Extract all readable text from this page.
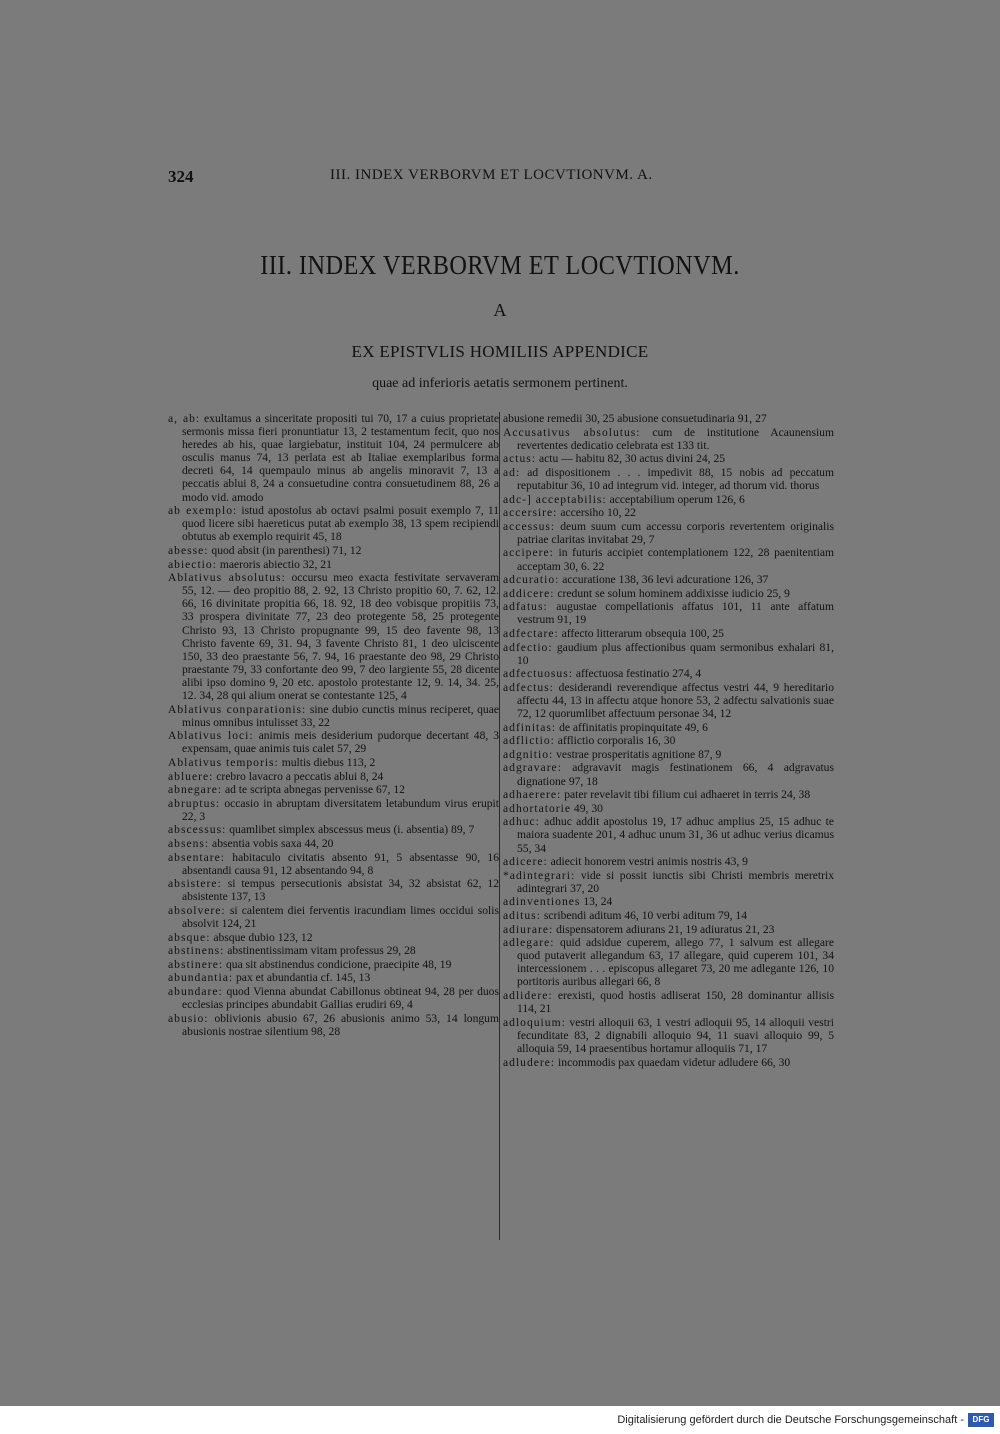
324	III. INDEX VERBORVM ET LOCVTIONVM. A.
III. INDEX VERBORVM ET LOCVTIONVM.
A
EX EPISTVLIS HOMILIIS APPENDICE
quae ad inferioris aetatis sermonem pertinent.

a, ab: exultamus a sinceritate propositi tui 70, 17 a cuius proprietate sermonis missa fieri pronuntiatur 13, 2 testamentum fecit, quo nos heredes ab his, quae largiebatur, instituit 104, 24 permulcere ab osculis manus 74, 13 perlata est ab Italiae exemplaribus forma decreti 64, 14 quempaulo minus ab angelis minoravit 7, 13 a peccatis ablui 8, 24 a consuetudine contra consuetudinem 88, 26 a modo vid. amodo

ab exemplo: istud apostolus ab octavi psalmi posuit exemplo 7, 11 quod licere sibi haereticus putat ab exemplo 38, 13 spem recipiendi obtutus ab exemplo requirit 45, 18

abesse: quod absit (in parenthesi) 71, 12

abiectio: maeroris abiectio 32, 21

Ablativus absolutus: occursu meo exacta festivitate servaveram 55, 12. — deo propitio 88, 2. 92, 13 Christo propitio 60, 7. 62, 12. 66, 16 divinitate propitia 66, 18. 92, 18 deo vobisque propitiis 73, 33 prospera divinitate 77, 23 deo protegente 58, 25 protegente Christo 93, 13 Christo propugnante 99, 15 deo favente 98, 13 Christo favente 69, 31. 94, 3 favente Christo 81, 1 deo ulciscente 150, 33 deo praestante 56, 7. 94, 16 praestante deo 98, 29 Christo praestante 79, 33 confortante deo 99, 7 deo largiente 55, 28 dicente alibi ipso domino 9, 20 etc. apostolo protestante 12, 9. 14, 34. 25, 12. 34, 28 qui alium onerat se contestante 125, 4

Ablativus conparationis: sine dubio cunctis minus reciperet, quae minus omnibus intulisset 33, 22

Ablativus loci: animis meis desiderium pudorque decertant 48, 3 expensam, quae animis tuis calet 57, 29

Ablativus temporis: multis diebus 113, 2

abluere: crebro lavacro a peccatis ablui 8, 24

abnegare: ad te scripta abnegas pervenisse 67, 12

abruptus: occasio in abruptam diversitatem letabundum virus erupit 22, 3

abscessus: quamlibet simplex abscessus meus (i. absentia) 89, 7

absens: absentia vobis saxa 44, 20

absentare: habitaculo civitatis absento 91, 5 absentasse 90, 16 absentandi causa 91, 12 absentando 94, 8

absistere: si tempus persecutionis absistat 34, 32 absistat 62, 12 absistente 137, 13

absolvere: si calentem diei ferventis iracundiam limes occidui solis absolvit 124, 21

absque: absque dubio 123, 12

abstinens: abstinentissimam vitam professus 29, 28

abstinere: qua sit abstinendus condicione, praecipite 48, 19

abundantia: pax et abundantia cf. 145, 13

abundare: quod Vienna abundat Cabillonus obtineat 94, 28 per duos ecclesias principes abundabit Gallias erudiri 69, 4

abusio: oblivionis abusio 67, 26 abusionis animo 53, 14 longum abusionis nostrae silentium 98, 28

abusione remedii 30, 25 abusione consuetudinaria 91, 27

Accusativus absolutus: cum de institutione Acaunensium revertentes dedicatio celebrata est 133 tit.

actus: actu — habitu 82, 30 actus divini 24, 25

ad: ad dispositionem . . . impedivit 88, 15 nobis ad peccatum reputabitur 36, 10 ad integrum vid. integer, ad thorum vid. thorus

adc-] acceptabilis: acceptabilium operum 126, 6

accersire: accersiho 10, 22

accessus: deum suum cum accessu corporis revertentem originalis patriae claritas invitabat 29, 7

accipere: in futuris accipiet contemplationem 122, 28 paenitentiam acceptam 30, 6. 22

adcuratio: accuratione 138, 36 levi adcuratione 126, 37

addicere: credunt se solum hominem addixisse iudicio 25, 9

adfatus: augustae compellationis affatus 101, 11 ante affatum vestrum 91, 19

adfectare: affecto litterarum obsequia 100, 25

adfectio: gaudium plus affectionibus quam sermonibus exhalari 81, 10

adfectuosus: affectuosa festinatio 274, 4

adfectus: desiderandi reverendique affectus vestri 44, 9 hereditario affectu 44, 13 in affectu atque honore 53, 2 adfectu salvationis suae 72, 12 quorumlibet affectuum personae 34, 12

adfinitas: de affinitatis propinquitate 49, 6

adflictio: afflictio corporalis 16, 30

adgnitio: vestrae prosperitatis agnitione 87, 9

adgravare: adgravavit magis festinationem 66, 4 adgravatus dignatione 97, 18

adhaerere: pater revelavit tibi filium cui adhaeret in terris 24, 38

adhortatorie 49, 30

adhuc: adhuc addit apostolus 19, 17 adhuc amplius 25, 15 adhuc te maiora suadente 201, 4 adhuc unum 31, 36 ut adhuc verius dicamus 55, 34

adicere: adiecit honorem vestri animis nostris 43, 9

*adintegrari: vide si possit iunctis sibi Christi membris meretrix adintegrari 37, 20

adinventiones 13, 24

aditus: scribendi aditum 46, 10 verbi aditum 79, 14

adiurare: dispensatorem adiurans 21, 19 adiuratus 21, 23

adlegare: quid adsidue cuperem, allego 77, 1 salvum est allegare quod putaverit allegandum 63, 17 allegare, quid cuperem 101, 34 intercessionem . . . episcopus allegaret 73, 20 me adlegante 126, 10 portitoris auribus allegari 66, 8

adlidere: erexisti, quod hostis adliserat 150, 28 dominantur allisis 114, 21

adloquium: vestri alloquii 63, 1 vestri adloquii 95, 14 alloquii vestri fecunditate 83, 2 dignabili alloquio 94, 11 suavi alloquio 99, 5 alloquia 59, 14 praesentibus hortamur alloquiis 71, 17

adludere: incommodis pax quaedam videtur adludere 66, 30

Digitalisierung gefördert durch die Deutsche Forschungsgemeinschaft -	DFG
